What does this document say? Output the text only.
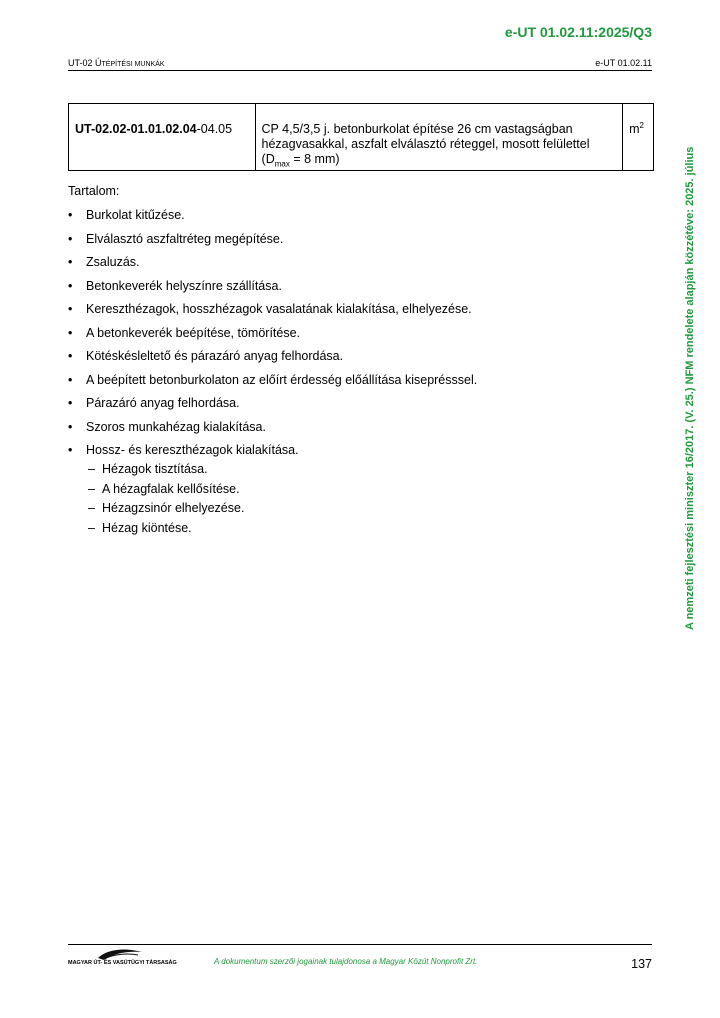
e-UT 01.02.11:2025/Q3
UT-02 ÚTÉPÍTÉSI MUNKÁK	e-UT 01.02.11
UT-02.02-01.01.02.04-04.05	CP 4,5/3,5 j. betonburkolat építése 26 cm vastagságban hézagvasakkal, aszfalt elválasztó réteggel, mosott felülettel ($D_{max} = 8$ mm)	$m^2$
Tartalom:
• Burkolat kitűzése.
• Elválasztó aszfaltréteg megépítése.
• Zsaluzás.
• Betonkeverék helyszínre szállítása.
• Kereszthézagok, hosszhézagok vasalatának kialakítása, elhelyezése.
• A betonkeverék beépítése, tömörítése.
• Kötéskésleltető és párazáró anyag felhordása.
• A beépített betonburkolaton az előírt érdesség előállítása kiseprésssel.
• Párazáró anyag felhordása.
• Szoros munkahézag kialakítása.
• Hossz- és kereszthézagok kialakítása.
– Hézagok tisztítása.
– A hézagfalak kellősítése.
– Hézagzsinór elhelyezése.
– Hézag kiöntése.	A nemzeti fejlesztési miniszter 16/2017. (V. 25.) NFM rendelete alapján közzétéve: 2025. július
MAGYAR ÚT- ÉS VASÚTÜGYI TÁRSASÁG	A dokumentum szerzői jogainak tulajdonosa a Magyar Közút Nonprofit Zrt.	137
